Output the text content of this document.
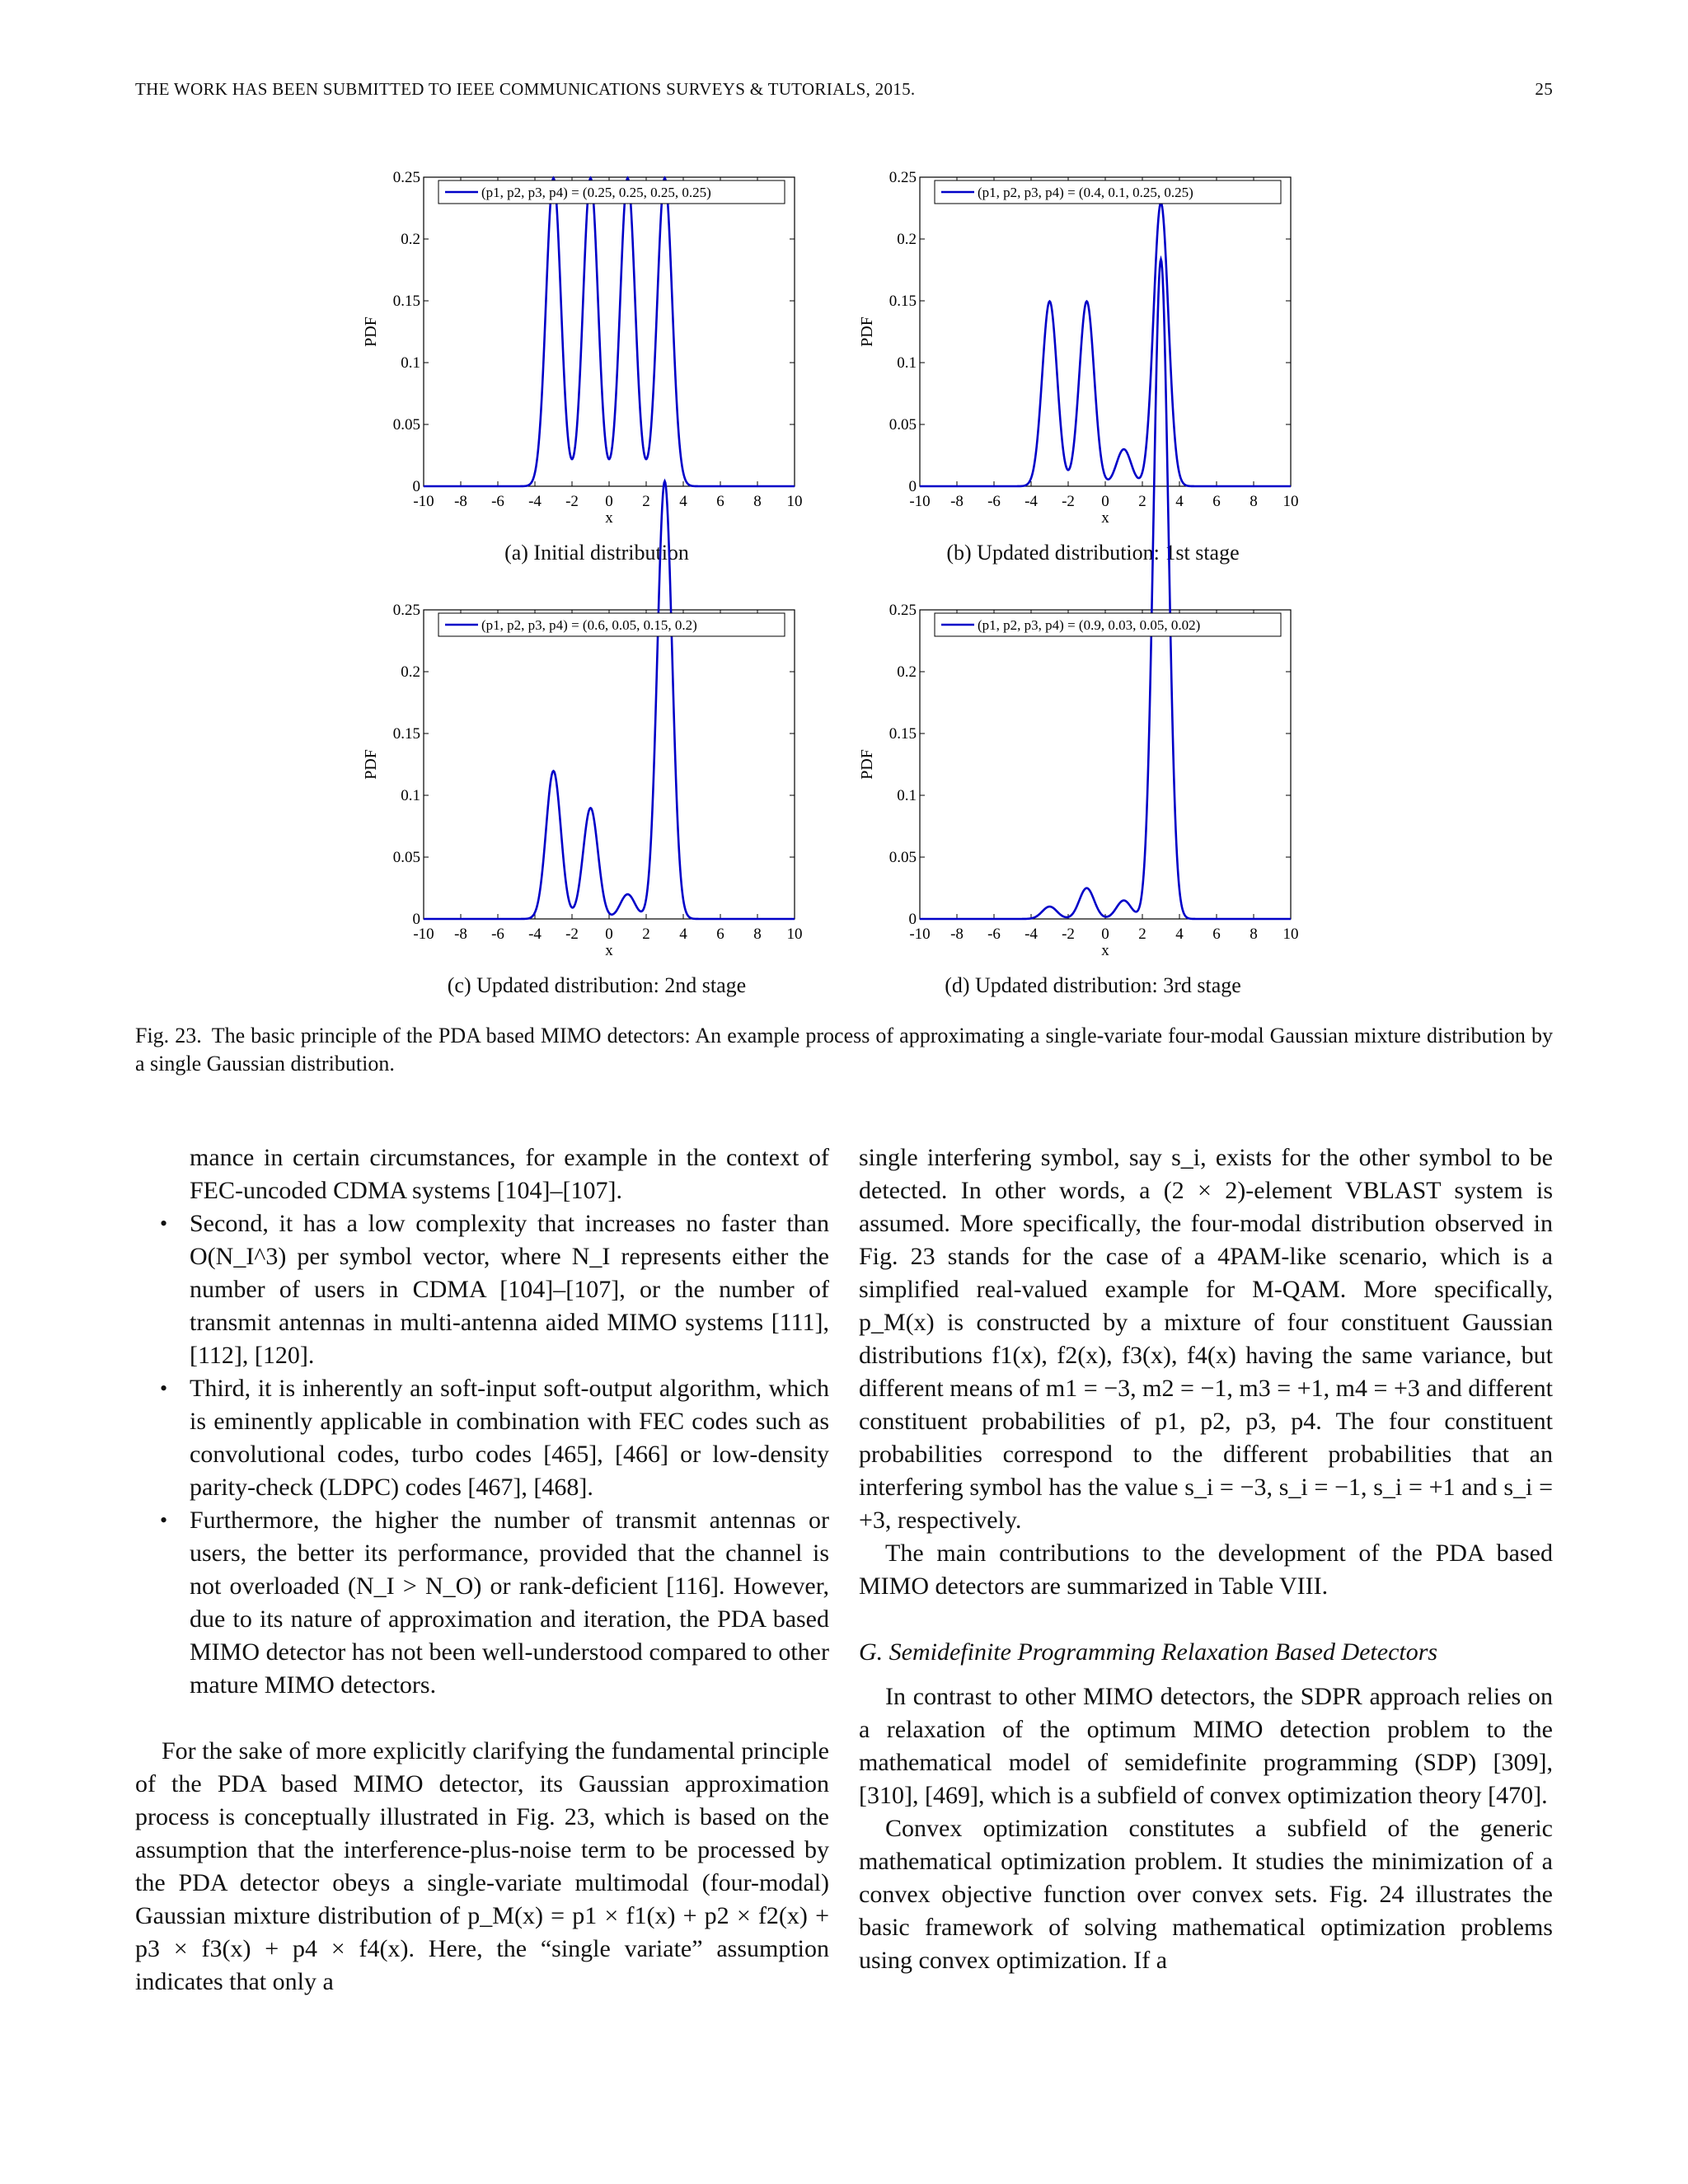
THE WORK HAS BEEN SUBMITTED TO IEEE COMMUNICATIONS SURVEYS & TUTORIALS, 2015.	25
0
0.05
0.1
0.15
0.2
0.25
-10 -8 -6 -4 -2 0 2 4 6 8 10
x
PDF
(p1, p2, p3, p4) = (0.25, 0.25, 0.25, 0.25)
(a) Initial distribution
0
0.05
0.1
0.15
0.2
0.25
-10 -8 -6 -4 -2 0 2 4 6 8 10
x
PDF
(p1, p2, p3, p4) = (0.4, 0.1, 0.25, 0.25)
(b) Updated distribution: 1st stage
0
0.05
0.1
0.15
0.2
0.25
-10 -8 -6 -4 -2 0 2 4 6 8 10
x
PDF
(p1, p2, p3, p4) = (0.6, 0.05, 0.15, 0.2)
(c) Updated distribution: 2nd stage
0
0.05
0.1
0.15
0.2
0.25
-10 -8 -6 -4 -2 0 2 4 6 8 10
x
PDF
(p1, p2, p3, p4) = (0.9, 0.03, 0.05, 0.02)
(d) Updated distribution: 3rd stage
Fig. 23. The basic principle of the PDA based MIMO detectors: An example process of approximating a single-variate four-modal Gaussian mixture distribution by a single Gaussian distribution.

mance in certain circumstances, for example in the context of FEC-uncoded CDMA systems [104]–[107].

• Second, it has a low complexity that increases no faster than O(N_I^3) per symbol vector, where N_I represents either the number of users in CDMA [104]–[107], or the number of transmit antennas in multi-antenna aided MIMO systems [111], [112], [120].
• Third, it is inherently an soft-input soft-output algorithm, which is eminently applicable in combination with FEC codes such as convolutional codes, turbo codes [465], [466] or low-density parity-check (LDPC) codes [467], [468].
• Furthermore, the higher the number of transmit antennas or users, the better its performance, provided that the channel is not overloaded (N_I > N_O) or rank-deficient [116]. However, due to its nature of approximation and iteration, the PDA based MIMO detector has not been well-understood compared to other mature MIMO detectors.

For the sake of more explicitly clarifying the fundamental principle of the PDA based MIMO detector, its Gaussian approximation process is conceptually illustrated in Fig. 23, which is based on the assumption that the interference-plus-noise term to be processed by the PDA detector obeys a single-variate multimodal (four-modal) Gaussian mixture distribution of p_M(x) = p1 × f1(x) + p2 × f2(x) + p3 × f3(x) + p4 × f4(x). Here, the “single variate” assumption indicates that only a

single interfering symbol, say s_i, exists for the other symbol to be detected. In other words, a (2 × 2)-element VBLAST system is assumed. More specifically, the four-modal distribution observed in Fig. 23 stands for the case of a 4PAM-like scenario, which is a simplified real-valued example for M-QAM. More specifically, p_M(x) is constructed by a mixture of four constituent Gaussian distributions f1(x), f2(x), f3(x), f4(x) having the same variance, but different means of m1 = −3, m2 = −1, m3 = +1, m4 = +3 and different constituent probabilities of p1, p2, p3, p4. The four constituent probabilities correspond to the different probabilities that an interfering symbol has the value s_i = −3, s_i = −1, s_i = +1 and s_i = +3, respectively.

The main contributions to the development of the PDA based MIMO detectors are summarized in Table VIII.

G. Semidefinite Programming Relaxation Based Detectors

In contrast to other MIMO detectors, the SDPR approach relies on a relaxation of the optimum MIMO detection problem to the mathematical model of semidefinite programming (SDP) [309], [310], [469], which is a subfield of convex optimization theory [470].

Convex optimization constitutes a subfield of the generic mathematical optimization problem. It studies the minimization of a convex objective function over convex sets. Fig. 24 illustrates the basic framework of solving mathematical optimization problems using convex optimization. If a
